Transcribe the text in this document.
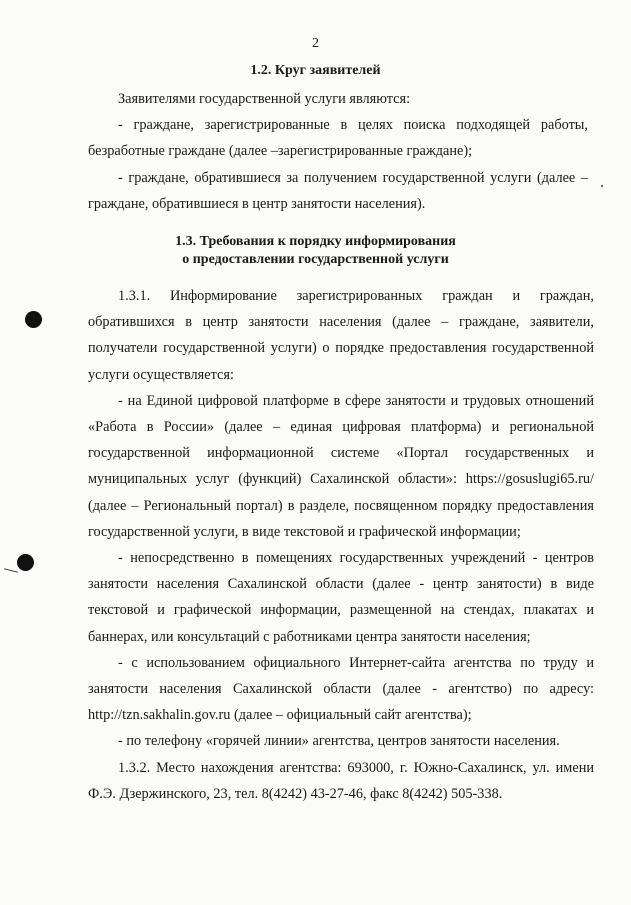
2
1.2. Круг заявителей

Заявителями государственной услуги являются:

- граждане, зарегистрированные в целях поиска подходящей работы, безработные граждане (далее –зарегистрированные граждане);

- граждане, обратившиеся за получением государственной услуги (далее – граждане, обратившиеся в центр занятости населения).

1.3. Требования к порядку информирования
о предоставлении государственной услуги

1.3.1. Информирование зарегистрированных граждан и граждан, обратившихся в центр занятости населения (далее – граждане, заявители, получатели государственной услуги) о порядке предоставления государственной услуги осуществляется:

- на Единой цифровой платформе в сфере занятости и трудовых отношений «Работа в России» (далее – единая цифровая платформа) и региональной государственной информационной системе «Портал государственных и муниципальных услуг (функций) Сахалинской области»: https://gosuslugi65.ru/ (далее – Региональный портал) в разделе, посвященном порядку предоставления государственной услуги, в виде текстовой и графической информации;

- непосредственно в помещениях государственных учреждений - центров занятости населения Сахалинской области (далее - центр занятости) в виде текстовой и графической информации, размещенной на стендах, плакатах и баннерах, или консультаций с работниками центра занятости населения;

- с использованием официального Интернет-сайта агентства по труду и занятости населения Сахалинской области (далее - агентство) по адресу: http://tzn.sakhalin.gov.ru (далее – официальный сайт агентства);

- по телефону «горячей линии» агентства, центров занятости населения.

1.3.2. Место нахождения агентства: 693000, г. Южно-Сахалинск, ул. имени Ф.Э. Дзержинского, 23, тел. 8(4242) 43-27-46, факс 8(4242) 505-338.
